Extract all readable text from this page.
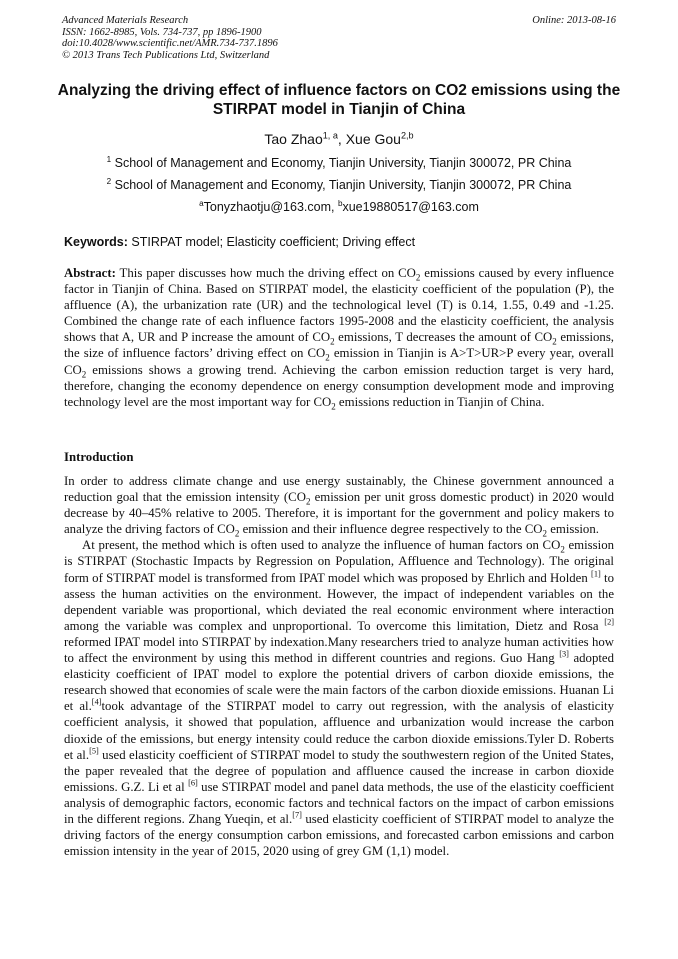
Advanced Materials Research
ISSN: 1662-8985, Vols. 734-737, pp 1896-1900
doi:10.4028/www.scientific.net/AMR.734-737.1896
© 2013 Trans Tech Publications Ltd, Switzerland
Online: 2013-08-16
Analyzing the driving effect of influence factors on CO2 emissions using the STIRPAT model in Tianjin of China
Tao Zhao$^{1, a}$, Xue Gou$^{2,b}$
$^1$ School of Management and Economy, Tianjin University, Tianjin 300072, PR China
$^2$ School of Management and Economy, Tianjin University, Tianjin 300072, PR China
$^a$Tonyzhaotju@163.com, $^b$xue19880517@163.com
Keywords: STIRPAT model; Elasticity coefficient; Driving effect

Abstract: This paper discusses how much the driving effect on $CO_2$ emissions caused by every influence factor in Tianjin of China. Based on STIRPAT model, the elasticity coefficient of the population (P), the affluence (A), the urbanization rate (UR) and the technological level (T) is 0.14, 1.55, 0.49 and -1.25. Combined the change rate of each influence factors 1995-2008 and the elasticity coefficient, the analysis shows that A, UR and P increase the amount of $CO_2$ emissions, T decreases the amount of $CO_2$ emissions, the size of influence factors’ driving effect on $CO_2$ emission in Tianjin is A>T>UR>P every year, overall $CO_2$ emissions shows a growing trend. Achieving the carbon emission reduction target is very hard, therefore, changing the economy dependence on energy consumption development mode and improving technology level are the most important way for $CO_2$ emissions reduction in Tianjin of China.

Introduction

In order to address climate change and use energy sustainably, the Chinese government announced a reduction goal that the emission intensity ($CO_2$ emission per unit gross domestic product) in 2020 would decrease by 40–45% relative to 2005. Therefore, it is important for the government and policy makers to analyze the driving factors of $CO_2$ emission and their influence degree respectively to the $CO_2$ emission.

At present, the method which is often used to analyze the influence of human factors on $CO_2$ emission is STIRPAT (Stochastic Impacts by Regression on Population, Affluence and Technology). The original form of STIRPAT model is transformed from IPAT model which was proposed by Ehrlich and Holden [1] to assess the human activities on the environment. However, the impact of independent variables on the dependent variable was proportional, which deviated the real economic environment where interaction among the variable was complex and unproportional. To overcome this limitation, Dietz and Rosa [2] reformed IPAT model into STIRPAT by indexation.Many researchers tried to analyze human activities how to affect the environment by using this method in different countries and regions. Guo Hang [3] adopted elasticity coefficient of IPAT model to explore the potential drivers of carbon dioxide emissions, the research showed that economies of scale were the main factors of the carbon dioxide emissions. Huanan Li et al.[4]took advantage of the STIRPAT model to carry out regression, with the analysis of elasticity coefficient analysis, it showed that population, affluence and urbanization would increase the carbon dioxide of the emissions, but energy intensity could reduce the carbon dioxide emissions.Tyler D. Roberts et al.[5] used elasticity coefficient of STIRPAT model to study the southwestern region of the United States, the paper revealed that the degree of population and affluence caused the increase in carbon dioxide emissions. G.Z. Li et al [6] use STIRPAT model and panel data methods, the use of the elasticity coefficient analysis of demographic factors, economic factors and technical factors on the impact of carbon emissions in the different regions. Zhang Yueqin, et al.[7] used elasticity coefficient of STIRPAT model to analyze the driving factors of the energy consumption carbon emissions, and forecasted carbon emissions and carbon emission intensity in the year of 2015, 2020 using of grey GM (1,1) model.
